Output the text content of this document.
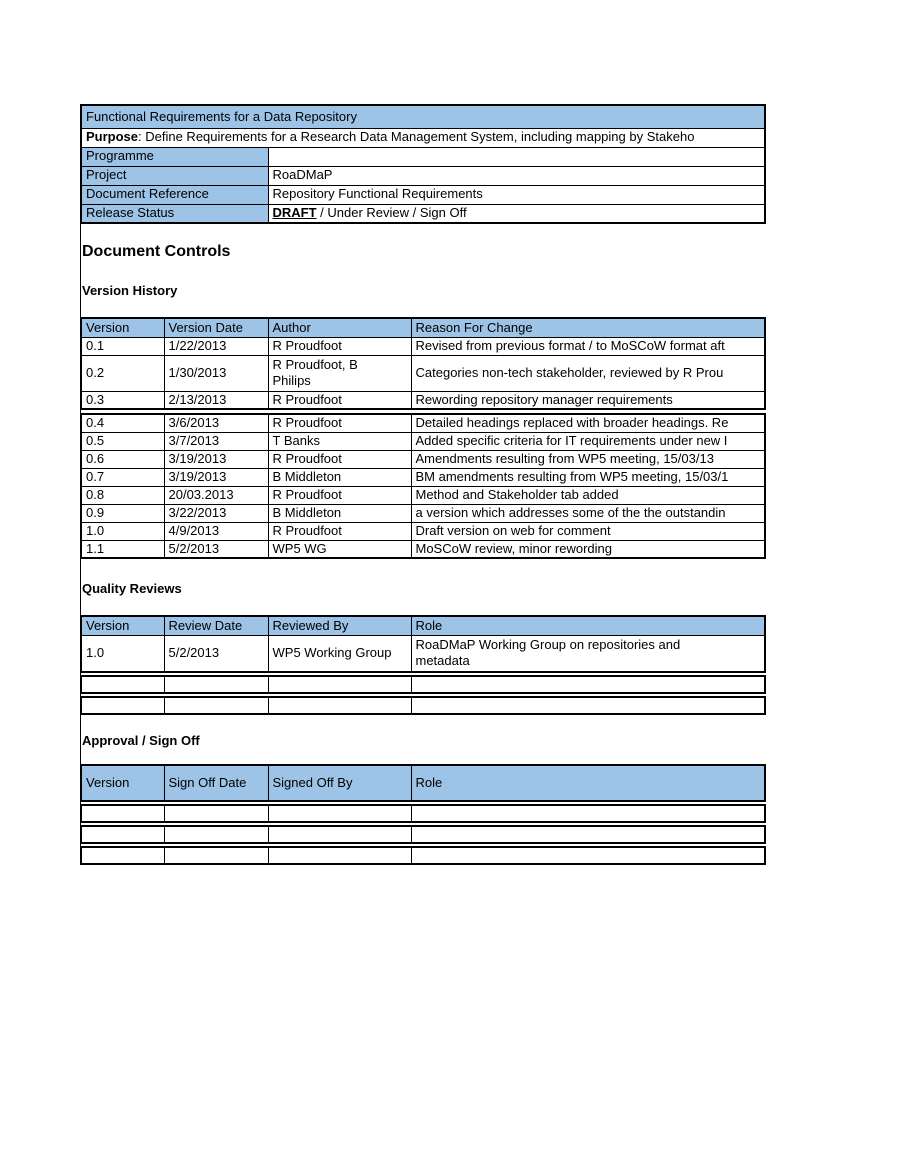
Functional Requirements for a Data Repository	
Purpose: Define Requirements for a Research Data Management System, including mapping by Stakeho	
Programme	
Project	RoaDMaP
Document Reference	Repository Functional Requirements
Release Status	DRAFT / Under Review / Sign Off
Document Controls
Version History
Version	Version Date	Author	Reason For Change
0.1	1/22/2013	R Proudfoot	Revised from previous format / to MoSCoW format aft
0.2	1/30/2013	R Proudfoot, B Philips	Categories non-tech stakeholder, reviewed by R Prou
0.3	2/13/2013	R Proudfoot	Rewording repository manager requirements
0.4	3/6/2013	R Proudfoot	Detailed headings replaced with broader headings. Re
0.5	3/7/2013	T Banks	Added specific criteria for IT requirements under new I
0.6	3/19/2013	R Proudfoot	Amendments resulting from WP5 meeting, 15/03/13
0.7	3/19/2013	B Middleton	BM amendments resulting from WP5 meeting, 15/03/1
0.8	20/03.2013	R Proudfoot	Method and Stakeholder tab added
0.9	3/22/2013	B Middleton	a version which addresses some of the the outstandin
1.0	4/9/2013	R Proudfoot	Draft version on web for comment
1.1	5/2/2013	WP5 WG	MoSCoW review, minor rewording
Quality Reviews
Version	Review Date	Reviewed By	Role
1.0	5/2/2013	WP5 Working Group	RoaDMaP Working Group on repositories and metadata

Approval / Sign Off
Version	Sign Off Date	Signed Off By	Role
